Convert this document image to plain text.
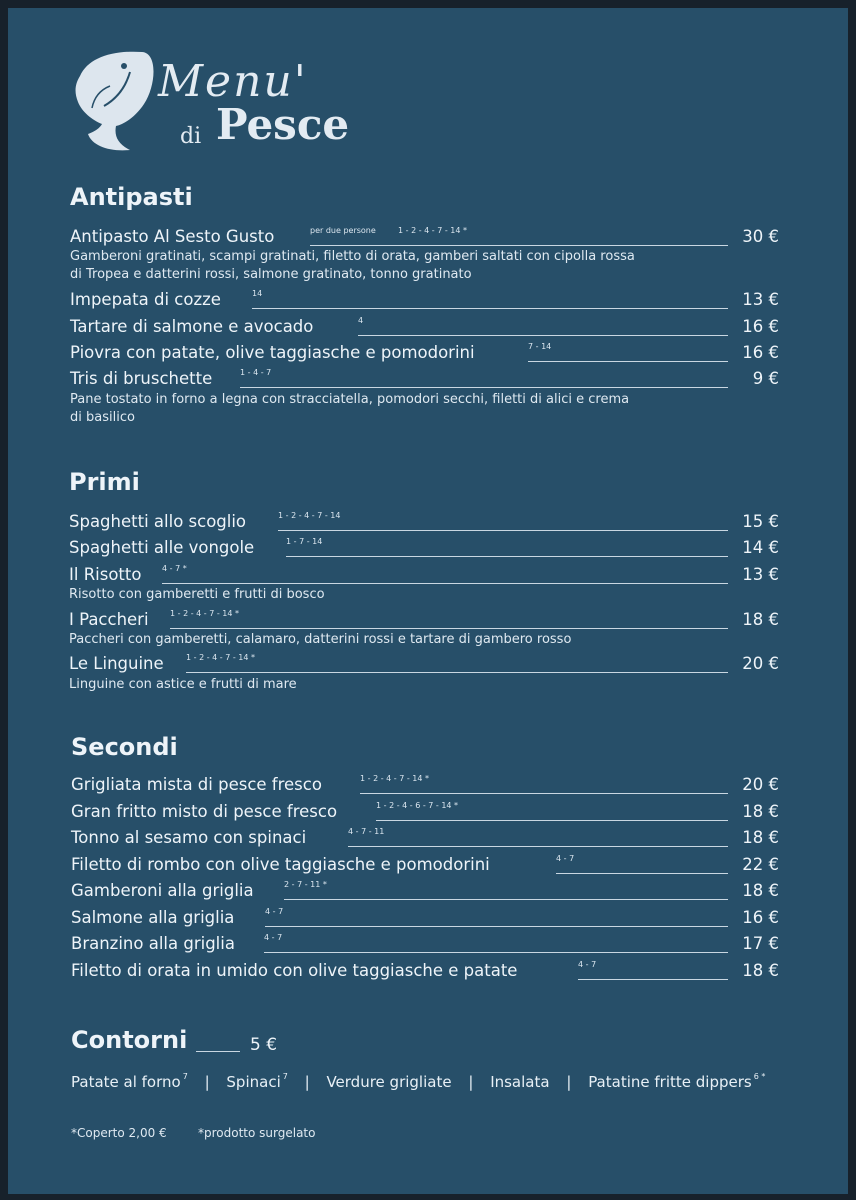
Menu'
di Pesce
Antipasti
Antipasto Al Sesto Gusto	per due persone	1 - 2 - 4 - 7 - 14 *	30 €
Gamberoni gratinati, scampi gratinati, filetto di orata, gamberi saltati con cipolla rossa
di Tropea e datterini rossi, salmone gratinato, tonno gratinato
Impepata di cozze	14	13 €
Tartare di salmone e avocado	4	16 €
Piovra con patate, olive taggiasche e pomodorini	7 - 14	16 €
Tris di bruschette	1 - 4 - 7	9 €
Pane tostato in forno a legna con stracciatella, pomodori secchi, filetti di alici e crema
di basilico
Primi
Spaghetti allo scoglio	1 - 2 - 4 - 7 - 14	15 €
Spaghetti alle vongole	1 - 7 - 14	14 €
Il Risotto	4 - 7 *	13 €
Risotto con gamberetti e frutti di bosco
I Paccheri	1 - 2 - 4 - 7 - 14 *	18 €
Paccheri con gamberetti, calamaro, datterini rossi e tartare di gambero rosso
Le Linguine	1 - 2 - 4 - 7 - 14 *	20 €
Linguine con astice e frutti di mare
Secondi
Grigliata mista di pesce fresco	1 - 2 - 4 - 7 - 14 *	20 €
Gran fritto misto di pesce fresco	1 - 2 - 4 - 6 - 7 - 14 *	18 €
Tonno al sesamo con spinaci	4 - 7 - 11	18 €
Filetto di rombo con olive taggiasche e pomodorini	4 - 7	22 €
Gamberoni alla griglia	2 - 7 - 11 *	18 €
Salmone alla griglia	4 - 7	16 €
Branzino alla griglia	4 - 7	17 €
Filetto di orata in umido con olive taggiasche e patate	4 - 7	18 €
Contorni	5 €
Patate al forno $^7$ | Spinaci $^7$ | Verdure grigliate | Insalata | Patatine fritte dippers $^{6 *}$
*Coperto 2,00 €	*prodotto surgelato
